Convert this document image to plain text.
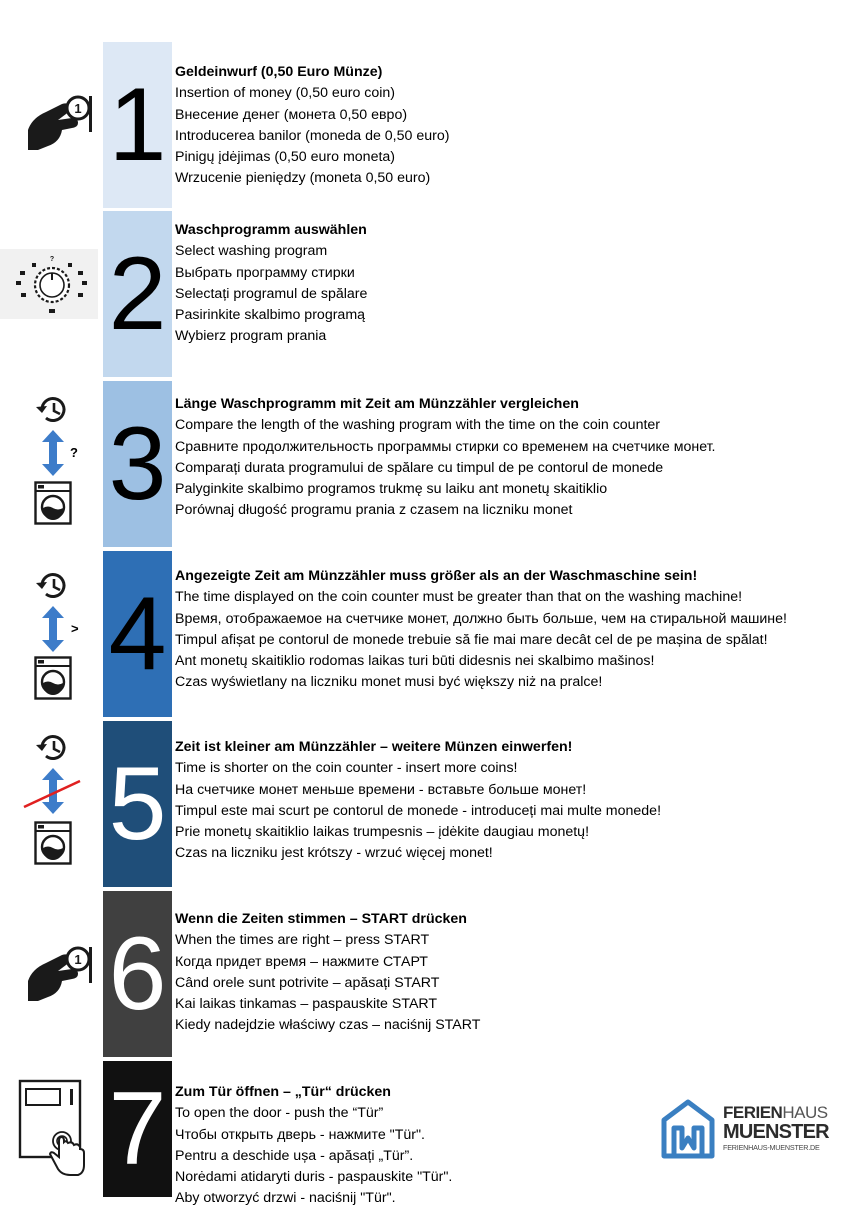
1 1 Geldeinwurf (0,50 Euro Münze)
Insertion of money (0,50 euro coin)
Внесение денег (монета 0,50 евро)
Introducerea banilor (moneda de 0,50 euro)
Pinigų įdėjimas (0,50 euro moneta)
Wrzucenie pieniędzy (moneta 0,50 euro)
? 2
Waschprogramm auswählen
Select washing program
Выбрать программу стирки
Selectați programul de spălare
Pasirinkite skalbimo programą
Wybierz program prania
? 3
Länge Waschprogramm mit Zeit am Münzzähler vergleichen
Compare the length of the washing program with the time on the coin counter
Сравните продолжительность программы стирки со временем на счетчике монет.
Comparați durata programului de spălare cu timpul de pe contorul de monede
Palyginkite skalbimo programos trukmę su laiku ant monetų skaitiklio
Porównaj długość programu prania z czasem na liczniku monet
> 4 Angezeigte Zeit am Münzzähler muss größer als an der Waschmaschine sein!
The time displayed on the coin counter must be greater than that on the washing machine!
Время, отображаемое на счетчике монет, должно быть больше, чем на стиральной машине!
Timpul afișat pe contorul de monede trebuie să fie mai mare decât cel de pe mașina de spălat!
Ant monetų skaitiklio rodomas laikas turi būti didesnis nei skalbimo mašinos!
Czas wyświetlany na liczniku monet musi być większy niż na pralce!
5 Zeit ist kleiner am Münzzähler – weitere Münzen einwerfen!
Time is shorter on the coin counter - insert more coins!
На счетчике монет меньше времени - вставьте больше монет!
Timpul este mai scurt pe contorul de monede - introduceți mai multe monede!
Prie monetų skaitiklio laikas trumpesnis – įdėkite daugiau monetų!
Czas na liczniku jest krótszy - wrzuć więcej monet!
1 6 Wenn die Zeiten stimmen – START drücken
When the times are right – press START
Когда придет время – нажмите СТАРТ
Când orele sunt potrivite – apăsați START
Kai laikas tinkamas – paspauskite START
Kiedy nadejdzie właściwy czas – naciśnij START
7 Zum Tür öffnen – „Tür“ drücken
To open the door - push the “Tür”
Чтобы открыть дверь - нажмите "Tür".
Pentru a deschide ușa - apăsați „Tür”.
Norėdami atidaryti duris - paspauskite "Tür".
Aby otworzyć drzwi - naciśnij "Tür".
FERIENHAUS
MUENSTER
FERIENHAUS-MUENSTER.DE
